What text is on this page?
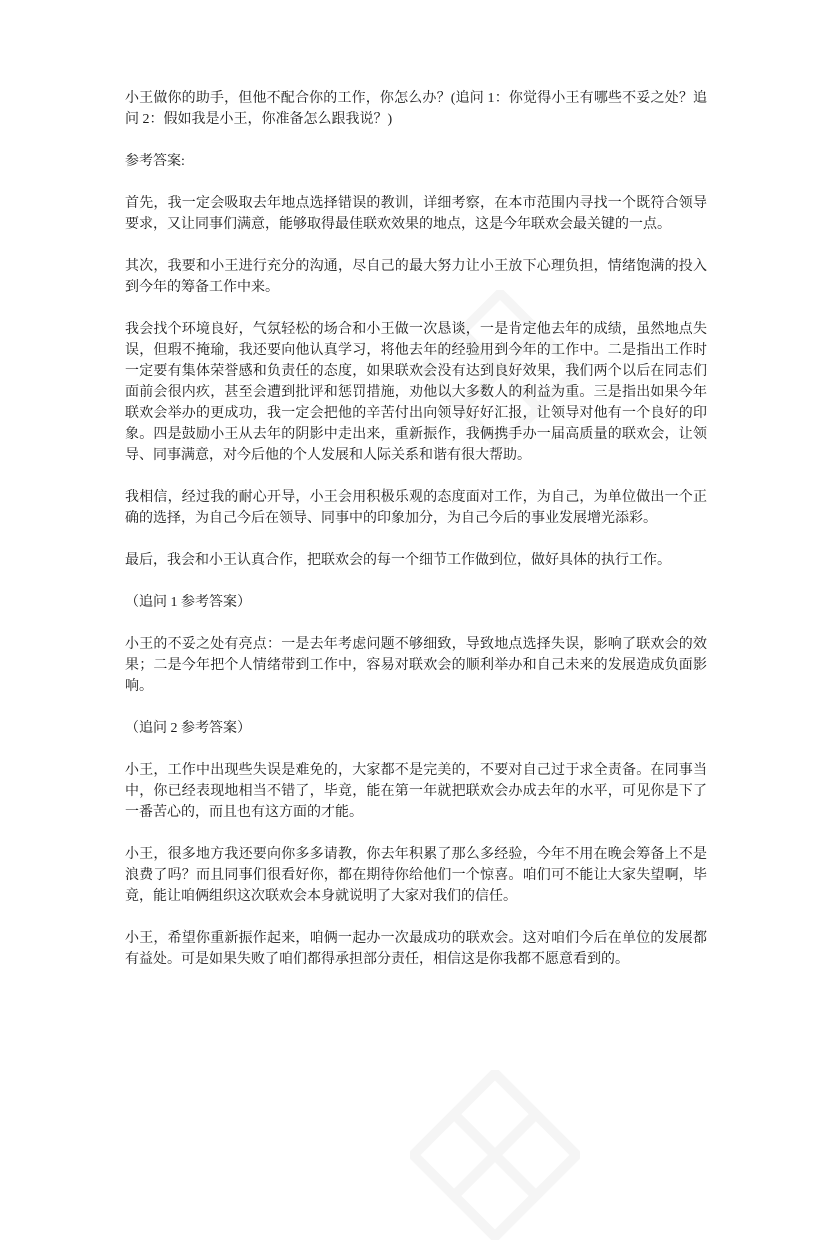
小王做你的助手，但他不配合你的工作，你怎么办？(追问 1：你觉得小王有哪些不妥之处？追问 2：假如我是小王，你准备怎么跟我说？)

参考答案:

首先，我一定会吸取去年地点选择错误的教训，详细考察，在本市范围内寻找一个既符合领导要求，又让同事们满意，能够取得最佳联欢效果的地点，这是今年联欢会最关键的一点。

其次，我要和小王进行充分的沟通，尽自己的最大努力让小王放下心理负担，情绪饱满的投入到今年的筹备工作中来。

我会找个环境良好，气氛轻松的场合和小王做一次恳谈，一是肯定他去年的成绩，虽然地点失误，但瑕不掩瑜，我还要向他认真学习，将他去年的经验用到今年的工作中。二是指出工作时一定要有集体荣誉感和负责任的态度，如果联欢会没有达到良好效果，我们两个以后在同志们面前会很内疚，甚至会遭到批评和惩罚措施，劝他以大多数人的利益为重。三是指出如果今年联欢会举办的更成功，我一定会把他的辛苦付出向领导好好汇报，让领导对他有一个良好的印象。四是鼓励小王从去年的阴影中走出来，重新振作，我俩携手办一届高质量的联欢会，让领导、同事满意，对今后他的个人发展和人际关系和谐有很大帮助。

我相信，经过我的耐心开导，小王会用积极乐观的态度面对工作，为自己，为单位做出一个正确的选择，为自己今后在领导、同事中的印象加分，为自己今后的事业发展增光添彩。

最后，我会和小王认真合作，把联欢会的每一个细节工作做到位，做好具体的执行工作。

（追问 1 参考答案）

小王的不妥之处有亮点：一是去年考虑问题不够细致，导致地点选择失误，影响了联欢会的效果；二是今年把个人情绪带到工作中，容易对联欢会的顺利举办和自己未来的发展造成负面影响。

（追问 2 参考答案）

小王，工作中出现些失误是难免的，大家都不是完美的，不要对自己过于求全责备。在同事当中，你已经表现地相当不错了，毕竟，能在第一年就把联欢会办成去年的水平，可见你是下了一番苦心的，而且也有这方面的才能。

小王，很多地方我还要向你多多请教，你去年积累了那么多经验，今年不用在晚会筹备上不是浪费了吗？而且同事们很看好你，都在期待你给他们一个惊喜。咱们可不能让大家失望啊，毕竟，能让咱俩组织这次联欢会本身就说明了大家对我们的信任。

小王，希望你重新振作起来，咱俩一起办一次最成功的联欢会。这对咱们今后在单位的发展都有益处。可是如果失败了咱们都得承担部分责任，相信这是你我都不愿意看到的。
